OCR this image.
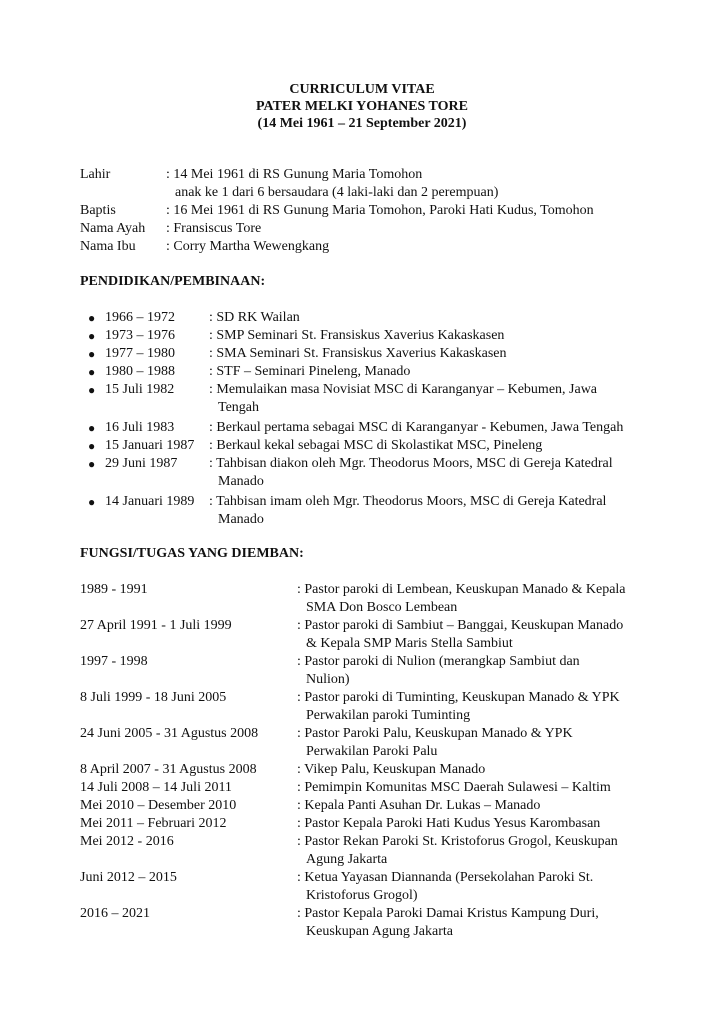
CURRICULUM VITAE
PATER MELKI YOHANES TORE
(14 Mei 1961 – 21 September 2021)
Lahir	: 14 Mei 1961 di RS Gunung Maria Tomohon
anak ke 1 dari 6 bersaudara (4 laki-laki dan 2 perempuan)
Baptis	: 16 Mei 1961 di RS Gunung Maria Tomohon, Paroki Hati Kudus, Tomohon
Nama Ayah : Fransiscus Tore
Nama Ibu : Corry Martha Wewengkang
PENDIDIKAN/PEMBINAAN:
● 1966 – 1972 : SD RK Wailan
● 1973 – 1976 : SMP Seminari St. Fransiskus Xaverius Kakaskasen
● 1977 – 1980 : SMA Seminari St. Fransiskus Xaverius Kakaskasen
● 1980 – 1988 : STF – Seminari Pineleng, Manado
● 15 Juli 1982 : Memulaikan masa Novisiat MSC di Karanganyar – Kebumen, Jawa
Tengah
● 16 Juli 1983 : Berkaul pertama sebagai MSC di Karanganyar - Kebumen, Jawa Tengah
● 15 Januari 1987 : Berkaul kekal sebagai MSC di Skolastikat MSC, Pineleng
● 29 Juni 1987 : Tahbisan diakon oleh Mgr. Theodorus Moors, MSC di Gereja Katedral
Manado
● 14 Januari 1989 : Tahbisan imam oleh Mgr. Theodorus Moors, MSC di Gereja Katedral
Manado
FUNGSI/TUGAS YANG DIEMBAN:
1989 - 1991	: Pastor paroki di Lembean, Keuskupan Manado & Kepala
SMA Don Bosco Lembean
27 April 1991 - 1 Juli 1999	: Pastor paroki di Sambiut – Banggai, Keuskupan Manado
& Kepala SMP Maris Stella Sambiut
1997 - 1998	: Pastor paroki di Nulion (merangkap Sambiut dan
Nulion)
8 Juli 1999 - 18 Juni 2005	: Pastor paroki di Tuminting, Keuskupan Manado & YPK
Perwakilan paroki Tuminting
24 Juni 2005 - 31 Agustus 2008	: Pastor Paroki Palu, Keuskupan Manado & YPK
Perwakilan Paroki Palu
8 April 2007 - 31 Agustus 2008	: Vikep Palu, Keuskupan Manado
14 Juli 2008 – 14 Juli 2011	: Pemimpin Komunitas MSC Daerah Sulawesi – Kaltim
Mei 2010 – Desember 2010	: Kepala Panti Asuhan Dr. Lukas – Manado
Mei 2011 – Februari 2012	: Pastor Kepala Paroki Hati Kudus Yesus Karombasan
Mei 2012 - 2016	: Pastor Rekan Paroki St. Kristoforus Grogol, Keuskupan
Agung Jakarta
Juni 2012 – 2015	: Ketua Yayasan Diannanda (Persekolahan Paroki St.
Kristoforus Grogol)
2016 – 2021	: Pastor Kepala Paroki Damai Kristus Kampung Duri,
Keuskupan Agung Jakarta
